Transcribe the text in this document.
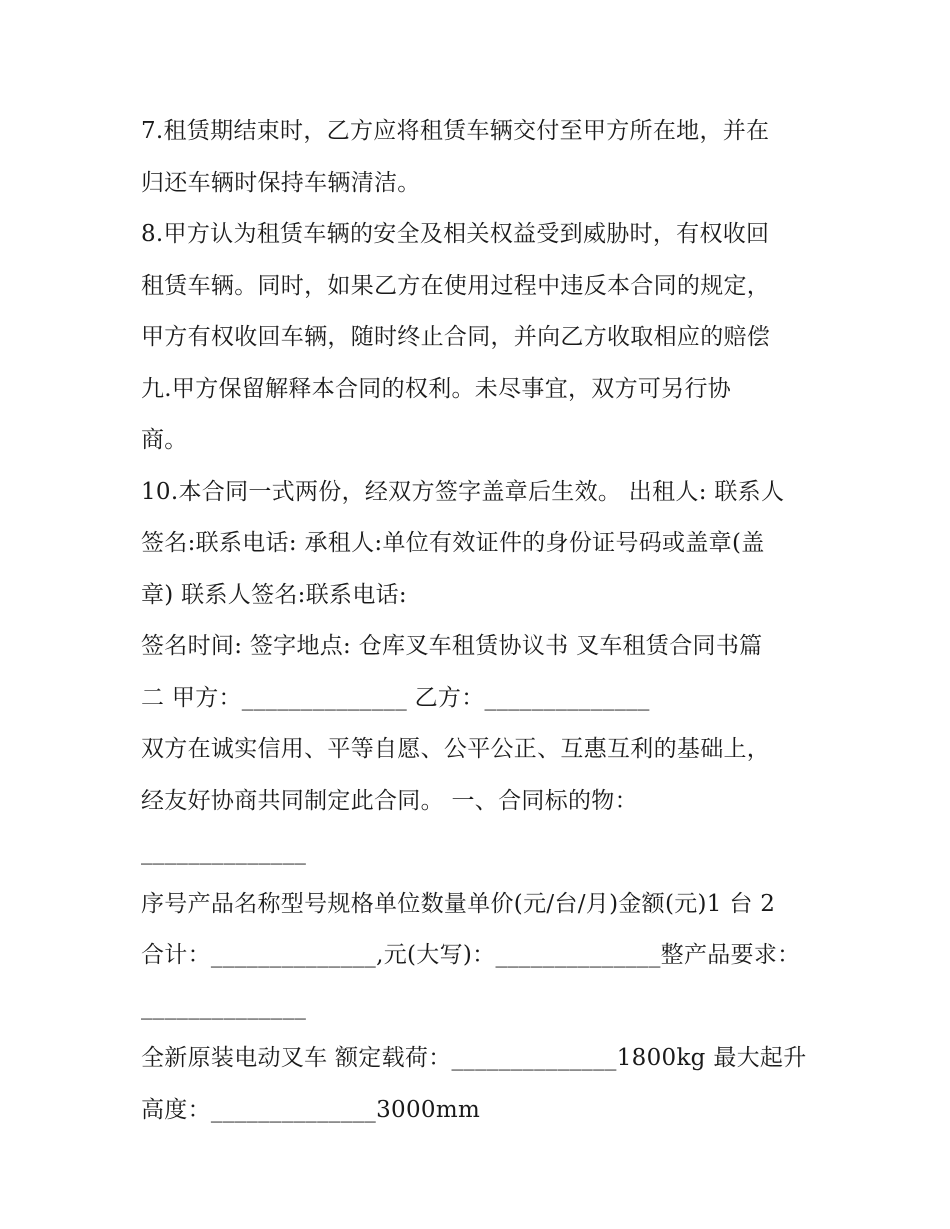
7.租赁期结束时，乙方应将租赁车辆交付至甲方所在地，并在
归还车辆时保持车辆清洁。
8.甲方认为租赁车辆的安全及相关权益受到威胁时，有权收回
租赁车辆。同时，如果乙方在使用过程中违反本合同的规定，
甲方有权收回车辆，随时终止合同，并向乙方收取相应的赔偿
九.甲方保留解释本合同的权利。未尽事宜，双方可另行协
商。
10.本合同一式两份，经双方签字盖章后生效。 出租人: 联系人
签名:联系电话: 承租人:单位有效证件的身份证号码或盖章(盖
章) 联系人签名:联系电话:
签名时间: 签字地点: 仓库叉车租赁协议书 叉车租赁合同书篇
二 甲方：______________ 乙方：______________
双方在诚实信用、平等自愿、公平公正、互惠互利的基础上，
经友好协商共同制定此合同。 一、合同标的物：
______________
序号产品名称型号规格单位数量单价(元/台/月)金额(元)1 台 2
合计：______________,元(大写)：______________整产品要求：
______________
全新原装电动叉车 额定载荷：______________1800kg 最大起升
高度：______________3000mm
